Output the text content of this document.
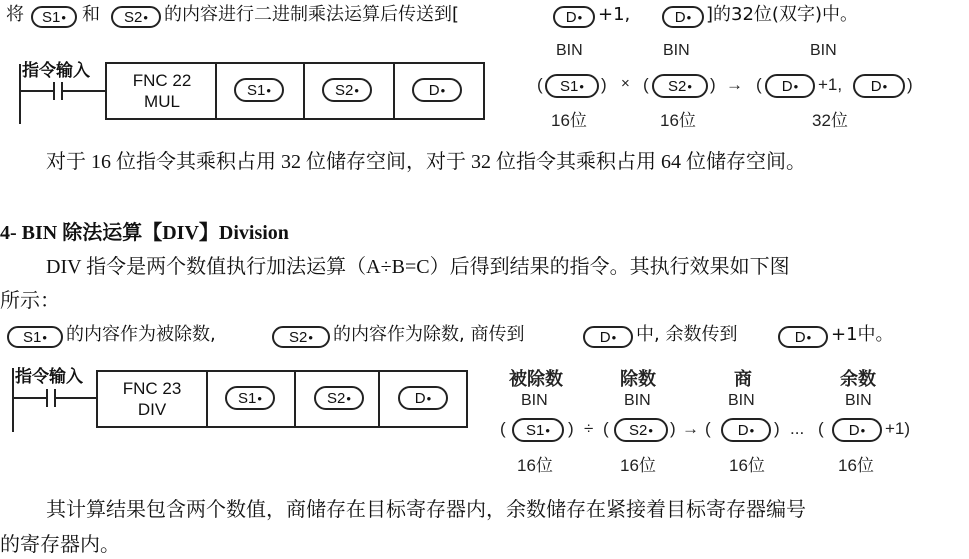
将 S1 • 和 S2 • 的内容进行二进制乘法运算后传送到[	D • +1,	D • ]的32位(双字)中。
指令输入	FNC 22
MUL
S1 •	S2 •	D •
BIN	BIN	BIN
( S1 • ) × ( S2 • ) → ( D • +1, D • )
16位	16位	32位
对于 16 位指令其乘积占用 32 位储存空间，对于 32 位指令其乘积占用 64 位储存空间。
4- BIN 除法运算【DIV】Division
DIV 指令是两个数值执行加法运算（A÷B=C）后得到结果的指令。其执行效果如下图
所示：
S1 • 的内容作为被除数,	S2 • 的内容作为除数, 商传到	D • 中, 余数传到	D • +1中。
指令输入
FNC 23
DIV
S1 •	S2 •	D •
被除数	除数	商	余数
BIN	BIN	BIN	BIN
( S1 • ) ÷ ( S2 • ) → ( D • ) ... ( D • +1)
16位	16位	16位	16位
其计算结果包含两个数值，商储存在目标寄存器内，余数储存在紧接着目标寄存器编号
的寄存器内。
